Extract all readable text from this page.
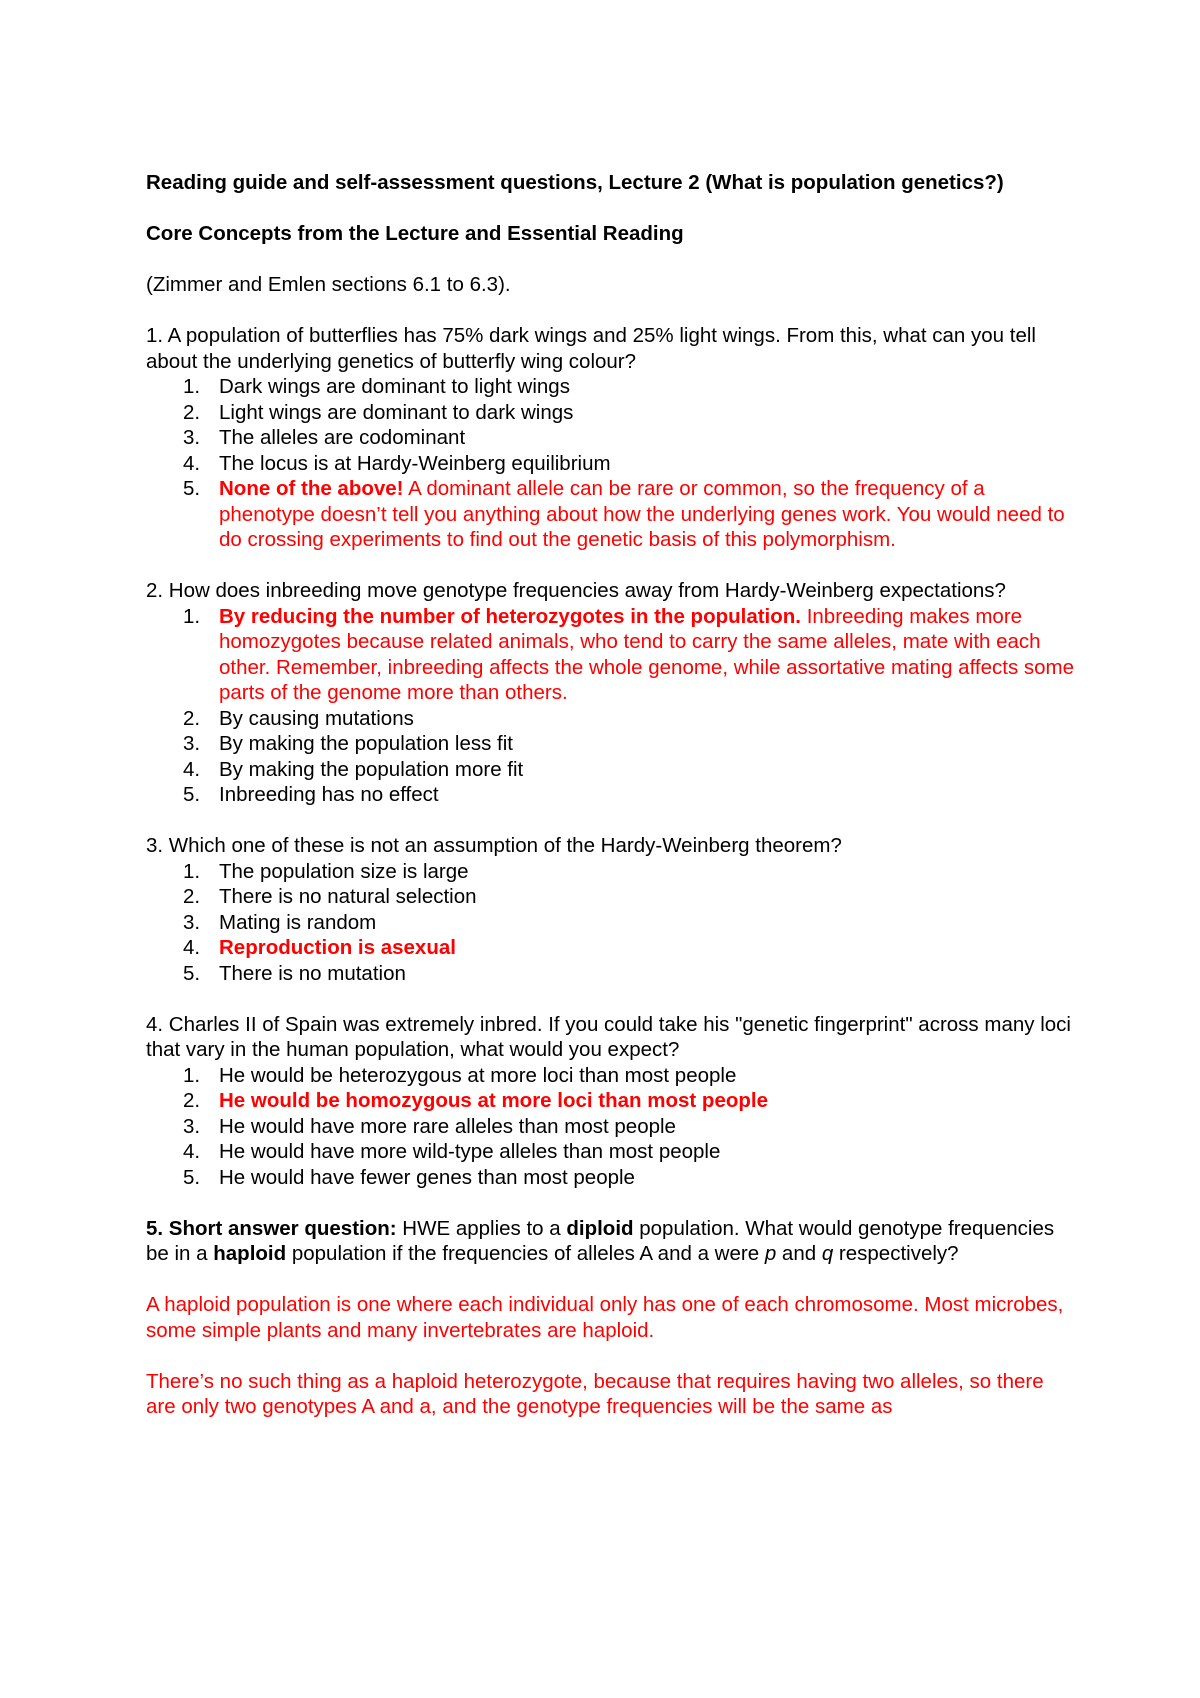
Reading guide and self-assessment questions, Lecture 2 (What is population genetics?)

Core Concepts from the Lecture and Essential Reading

(Zimmer and Emlen sections 6.1 to 6.3).

1. A population of butterflies has 75% dark wings and 25% light wings. From this, what can you tell about the underlying genetics of butterfly wing colour?

1. Dark wings are dominant to light wings
2. Light wings are dominant to dark wings
3. The alleles are codominant
4. The locus is at Hardy-Weinberg equilibrium
5. None of the above! A dominant allele can be rare or common, so the frequency of a phenotype doesn’t tell you anything about how the underlying genes work. You would need to do crossing experiments to find out the genetic basis of this polymorphism.

2. How does inbreeding move genotype frequencies away from Hardy-Weinberg expectations?

1. By reducing the number of heterozygotes in the population. Inbreeding makes more homozygotes because related animals, who tend to carry the same alleles, mate with each other. Remember, inbreeding affects the whole genome, while assortative mating affects some parts of the genome more than others.
2. By causing mutations
3. By making the population less fit
4. By making the population more fit
5. Inbreeding has no effect

3. Which one of these is not an assumption of the Hardy-Weinberg theorem?

1. The population size is large
2. There is no natural selection
3. Mating is random
4. Reproduction is asexual
5. There is no mutation

4. Charles II of Spain was extremely inbred. If you could take his "genetic fingerprint" across many loci that vary in the human population, what would you expect?

1. He would be heterozygous at more loci than most people
2. He would be homozygous at more loci than most people
3. He would have more rare alleles than most people
4. He would have more wild-type alleles than most people
5. He would have fewer genes than most people

5. Short answer question: HWE applies to a diploid population. What would genotype frequencies be in a haploid population if the frequencies of alleles A and a were p and q respectively?

A haploid population is one where each individual only has one of each chromosome. Most microbes, some simple plants and many invertebrates are haploid.

There’s no such thing as a haploid heterozygote, because that requires having two alleles, so there are only two genotypes A and a, and the genotype frequencies will be the same as
